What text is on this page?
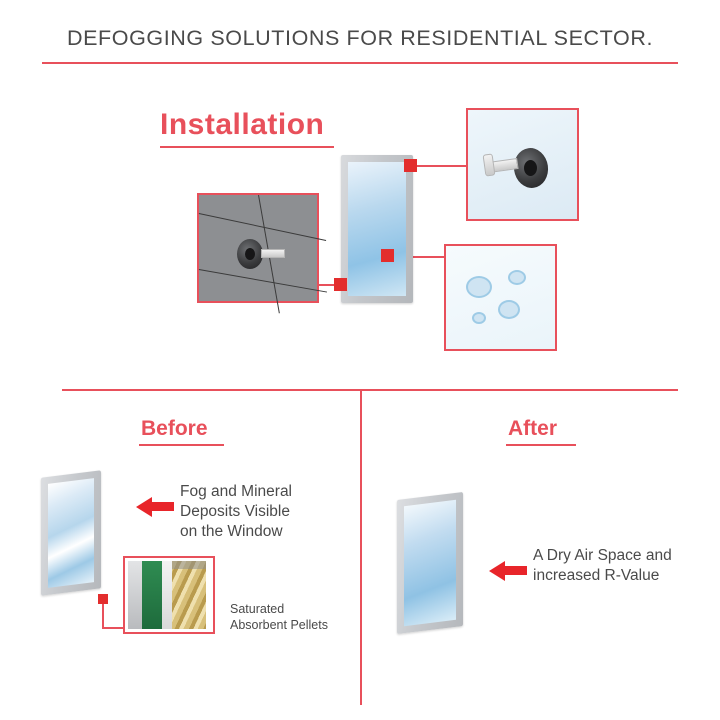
DEFOGGING SOLUTIONS FOR RESIDENTIAL SECTOR.
Installation
Before
Saturated
Absorbent Pellets
Fog and Mineral
Deposits Visible
on the Window
After
A Dry Air Space and
increased R-Value
